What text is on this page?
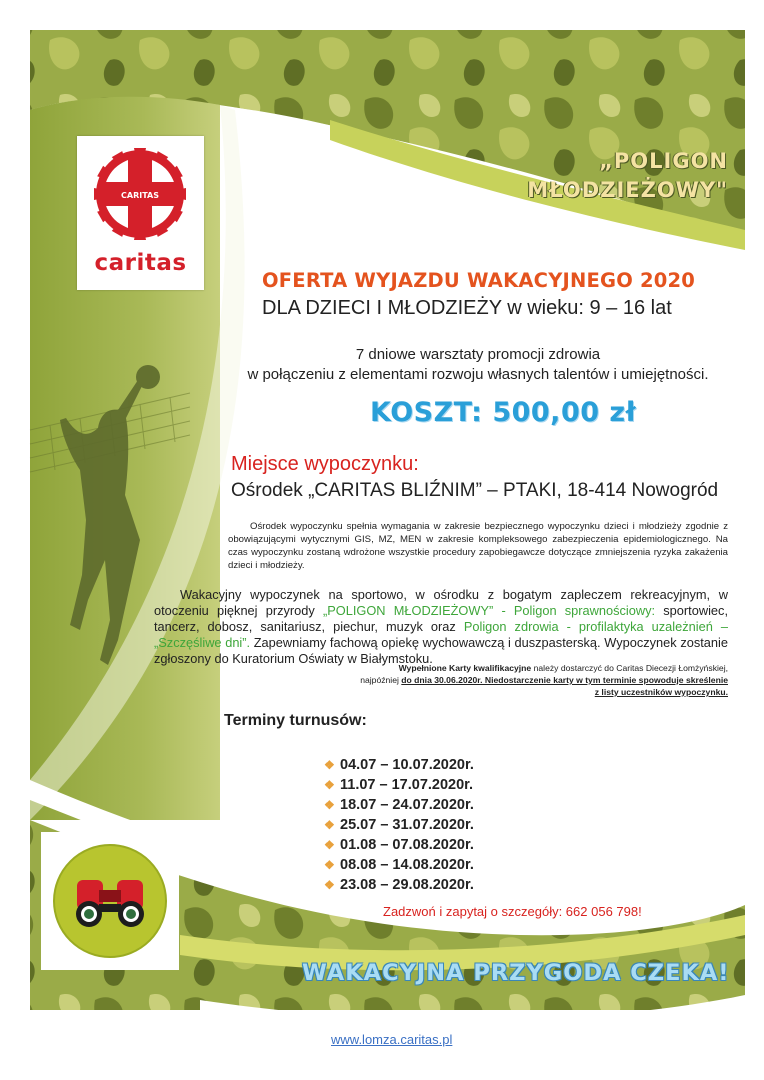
CARITAS
caritas
„POLIGON
MŁODZIEŻOWY"
OFERTA WYJAZDU WAKACYJNEGO 2020
DLA DZIECI I MŁODZIEŻY w wieku: 9 – 16 lat
7 dniowe warsztaty promocji zdrowia
w połączeniu z elementami rozwoju własnych talentów i umiejętności.
KOSZT: 500,00 zł
Miejsce wypoczynku:
Ośrodek „CARITAS BLIŹNIM” – PTAKI, 18-414 Nowogród
Ośrodek wypoczynku spełnia wymagania w zakresie bezpiecznego wypoczynku dzieci i młodzieży zgodnie z obowiązującymi wytycznymi GIS, MZ, MEN w zakresie kompleksowego zabezpieczenia epidemiologicznego. Na czas wypoczynku zostaną wdrożone wszystkie procedury zapobiegawcze dotyczące zmniejszenia ryzyka zakażenia dzieci i młodzieży.
Wakacyjny wypoczynek na sportowo, w ośrodku z bogatym zapleczem rekreacyjnym, w otoczeniu pięknej przyrody „POLIGON MŁODZIEŻOWY” - Poligon sprawnościowy: sportowiec, tancerz, dobosz, sanitariusz, piechur, muzyk oraz Poligon zdrowia - profilaktyka uzależnień – „Szczęśliwe dni”. Zapewniamy fachową opiekę wychowawczą i duszpasterską. Wypoczynek zostanie zgłoszony do Kuratorium Oświaty w Białymstoku.
Wypełnione Karty kwalifikacyjne należy dostarczyć do Caritas Diecezji Łomżyńskiej,
najpóźniej do dnia 30.06.2020r. Niedostarczenie karty w tym terminie spowoduje skreślenie
z listy uczestników wypoczynku.
Terminy turnusów:
❖ 04.07 – 10.07.2020r.
❖ 11.07 – 17.07.2020r.
❖ 18.07 – 24.07.2020r.
❖ 25.07 – 31.07.2020r.
❖ 01.08 – 07.08.2020r.
❖ 08.08 – 14.08.2020r.
❖ 23.08 – 29.08.2020r.
Zadzwoń i zapytaj o szczegóły: 662 056 798!
WAKACYJNA PRZYGODA CZEKA!
www.lomza.caritas.pl
